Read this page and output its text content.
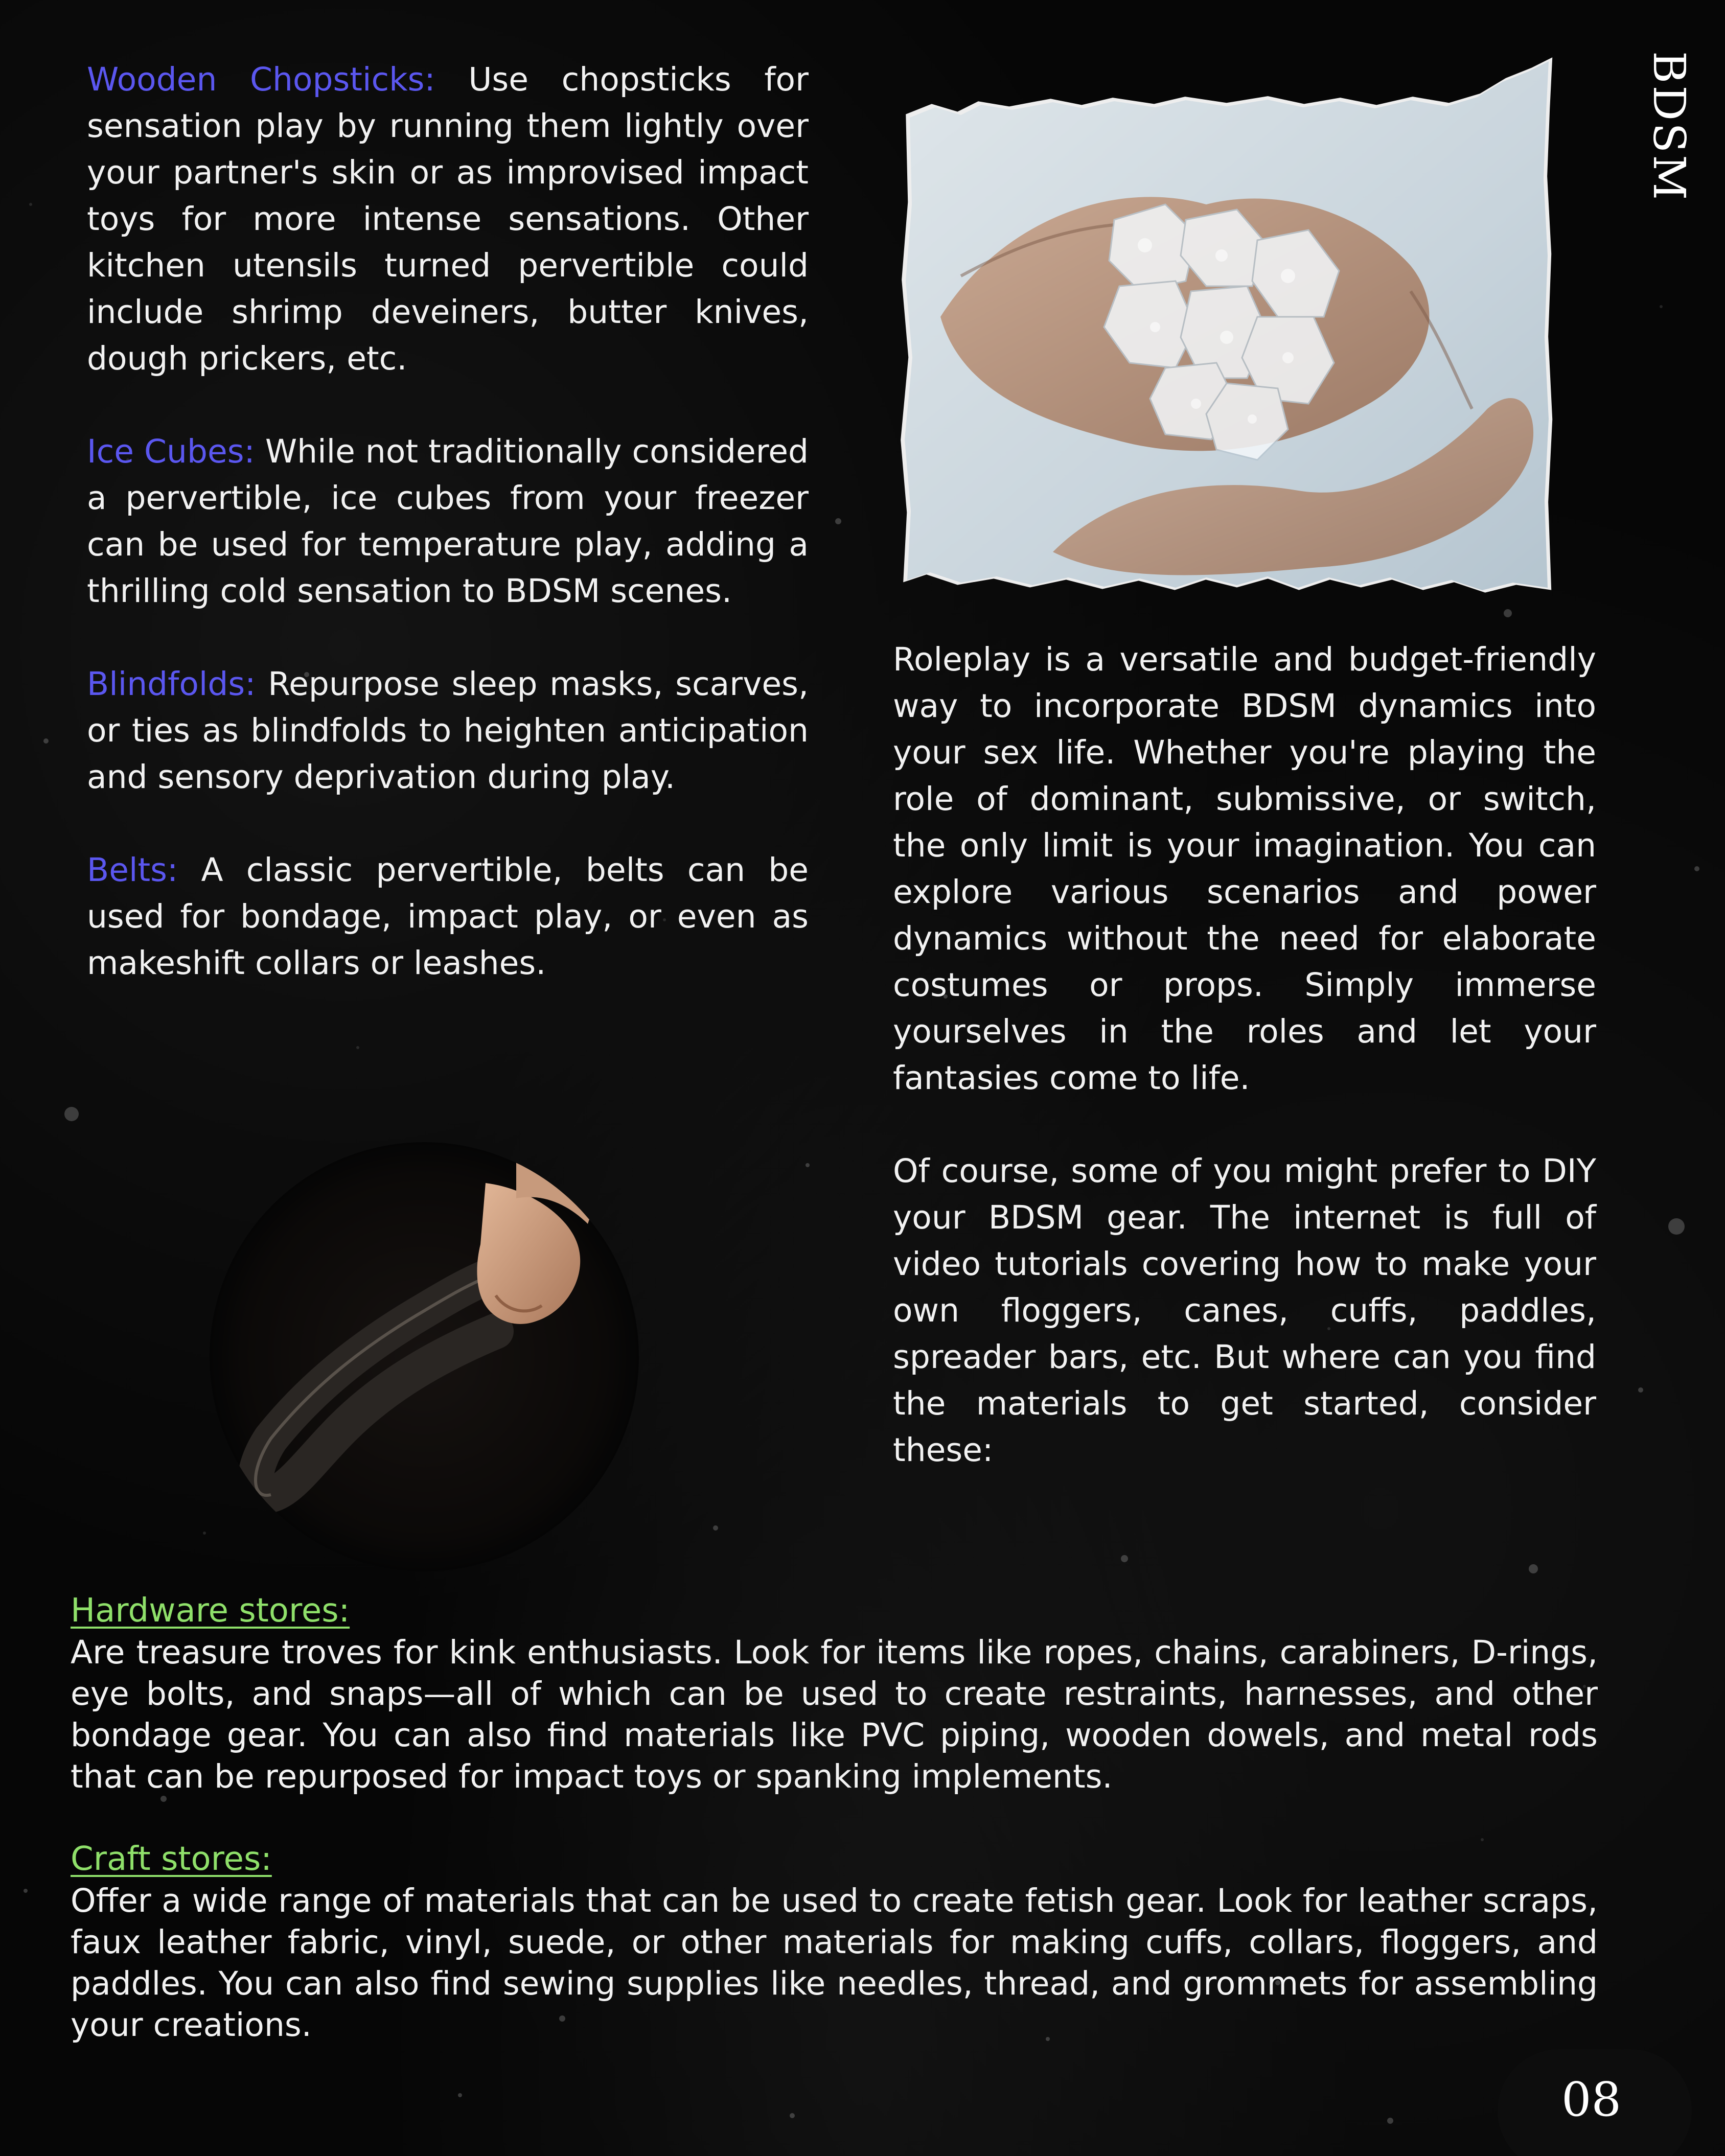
BDSM

Wooden Chopsticks: Use chopsticks for sensation play by running them lightly over your partner's skin or as improvised impact toys for more intense sensations. Other kitchen utensils turned pervertible could include shrimp deveiners, butter knives, dough prickers, etc.

Ice Cubes: While not traditionally considered a pervertible, ice cubes from your freezer can be used for temperature play, adding a thrilling cold sensation to BDSM scenes.

Blindfolds: Repurpose sleep masks, scarves, or ties as blindfolds to heighten anticipation and sensory deprivation during play.

Belts: A classic pervertible, belts can be used for bondage, impact play, or even as makeshift collars or leashes.

Roleplay is a versatile and budget-friendly way to incorporate BDSM dynamics into your sex life. Whether you're playing the role of dominant, submissive, or switch, the only limit is your imagination. You can explore various scenarios and power dynamics without the need for elaborate costumes or props. Simply immerse yourselves in the roles and let your fantasies come to life.

Of course, some of you might prefer to DIY your BDSM gear. The internet is full of video tutorials covering how to make your own floggers, canes, cuffs, paddles, spreader bars, etc. But where can you find the materials to get started, consider these:

Hardware stores:

Are treasure troves for kink enthusiasts. Look for items like ropes, chains, carabiners, D-rings, eye bolts, and snaps—all of which can be used to create restraints, harnesses, and other bondage gear. You can also find materials like PVC piping, wooden dowels, and metal rods that can be repurposed for impact toys or spanking implements.

Craft stores:

Offer a wide range of materials that can be used to create fetish gear. Look for leather scraps, faux leather fabric, vinyl, suede, or other materials for making cuffs, collars, floggers, and paddles. You can also find sewing supplies like needles, thread, and grommets for assembling your creations.

08
